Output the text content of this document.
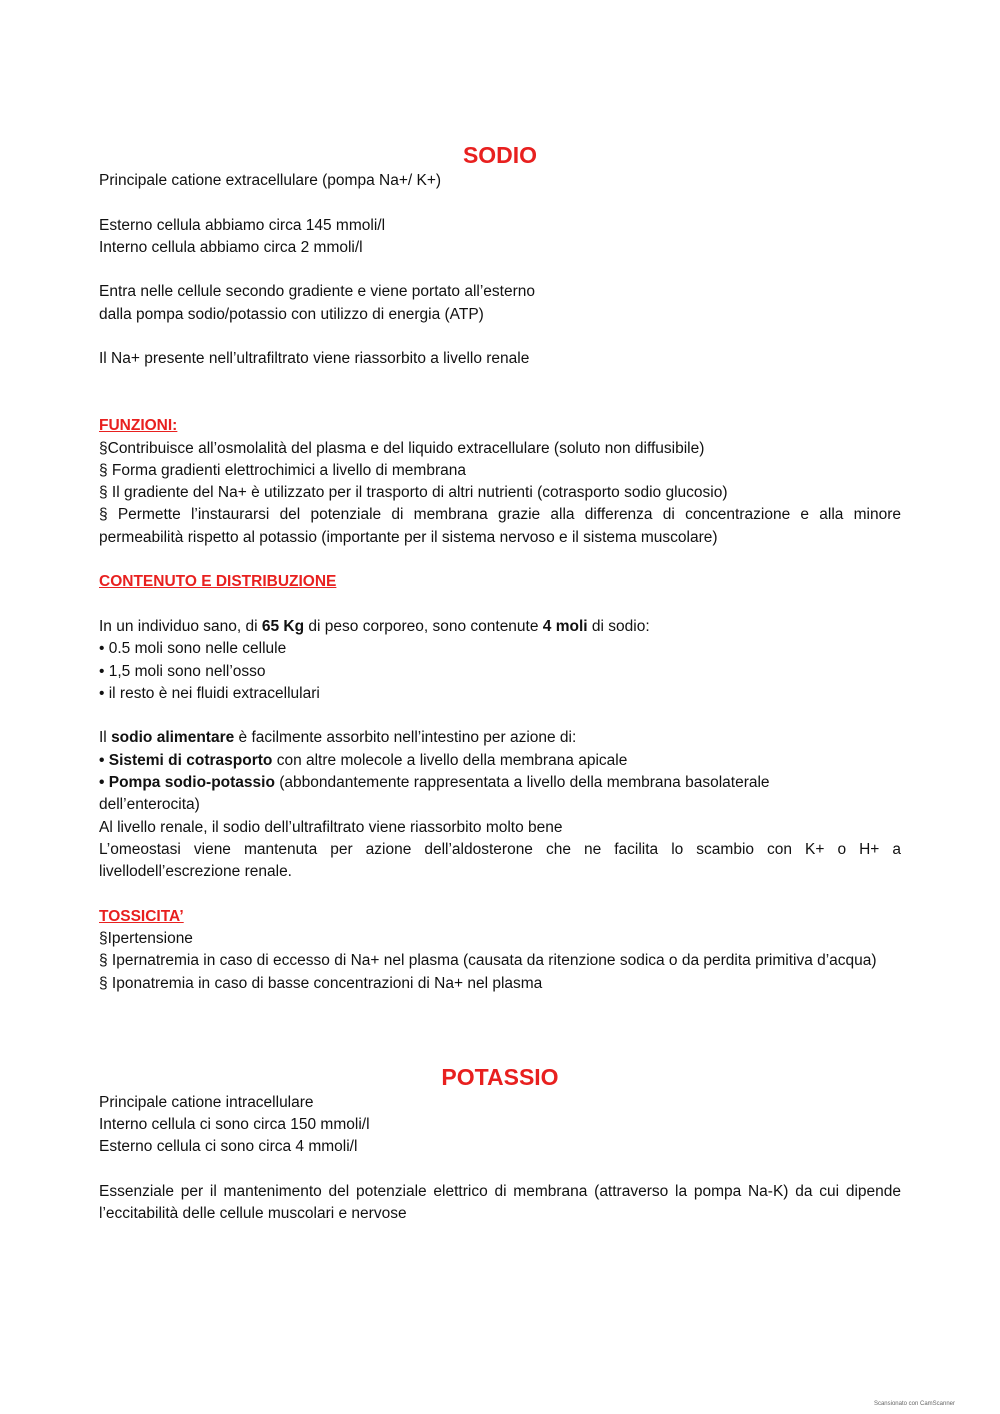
SODIO

Principale catione extracellulare (pompa Na+/ K+)

Esterno cellula abbiamo circa 145 mmoli/l

Interno cellula abbiamo circa 2 mmoli/l

Entra nelle cellule secondo gradiente e viene portato all’esterno

dalla pompa sodio/potassio con utilizzo di energia (ATP)

Il Na+ presente nell’ultrafiltrato viene riassorbito a livello renale

FUNZIONI:

§Contribuisce all’osmolalità del plasma e del liquido extracellulare (soluto non diffusibile)

§ Forma gradienti elettrochimici a livello di membrana

§ Il gradiente del Na+ è utilizzato per il trasporto di altri nutrienti (cotrasporto sodio glucosio)

§ Permette l’instaurarsi del potenziale di membrana grazie alla differenza di concentrazione e alla minore permeabilità rispetto al potassio (importante per il sistema nervoso e il sistema muscolare)

CONTENUTO E DISTRIBUZIONE

In un individuo sano, di 65 Kg di peso corporeo, sono contenute 4 moli di sodio:

• 0.5 moli sono nelle cellule

• 1,5 moli sono nell’osso

• il resto è nei fluidi extracellulari

Il sodio alimentare è facilmente assorbito nell’intestino per azione di:

• Sistemi di cotrasporto con altre molecole a livello della membrana apicale

• Pompa sodio-potassio (abbondantemente rappresentata a livello della membrana basolaterale dell’enterocita)

Al livello renale, il sodio dell’ultrafiltrato viene riassorbito molto bene

L’omeostasi viene mantenuta per azione dell’aldosterone che ne facilita lo scambio con K+ o H+ a livellodell’escrezione renale.

TOSSICITA’

§Ipertensione

§ Ipernatremia in caso di eccesso di Na+ nel plasma (causata da ritenzione sodica o da perdita primitiva d’acqua)

§ Iponatremia in caso di basse concentrazioni di Na+ nel plasma

POTASSIO

Principale catione intracellulare

Interno cellula ci sono circa 150 mmoli/l

Esterno cellula ci sono circa 4 mmoli/l

Essenziale per il mantenimento del potenziale elettrico di membrana (attraverso la pompa Na-K) da cui dipende l’eccitabilità delle cellule muscolari e nervose

Scansionato con CamScanner
